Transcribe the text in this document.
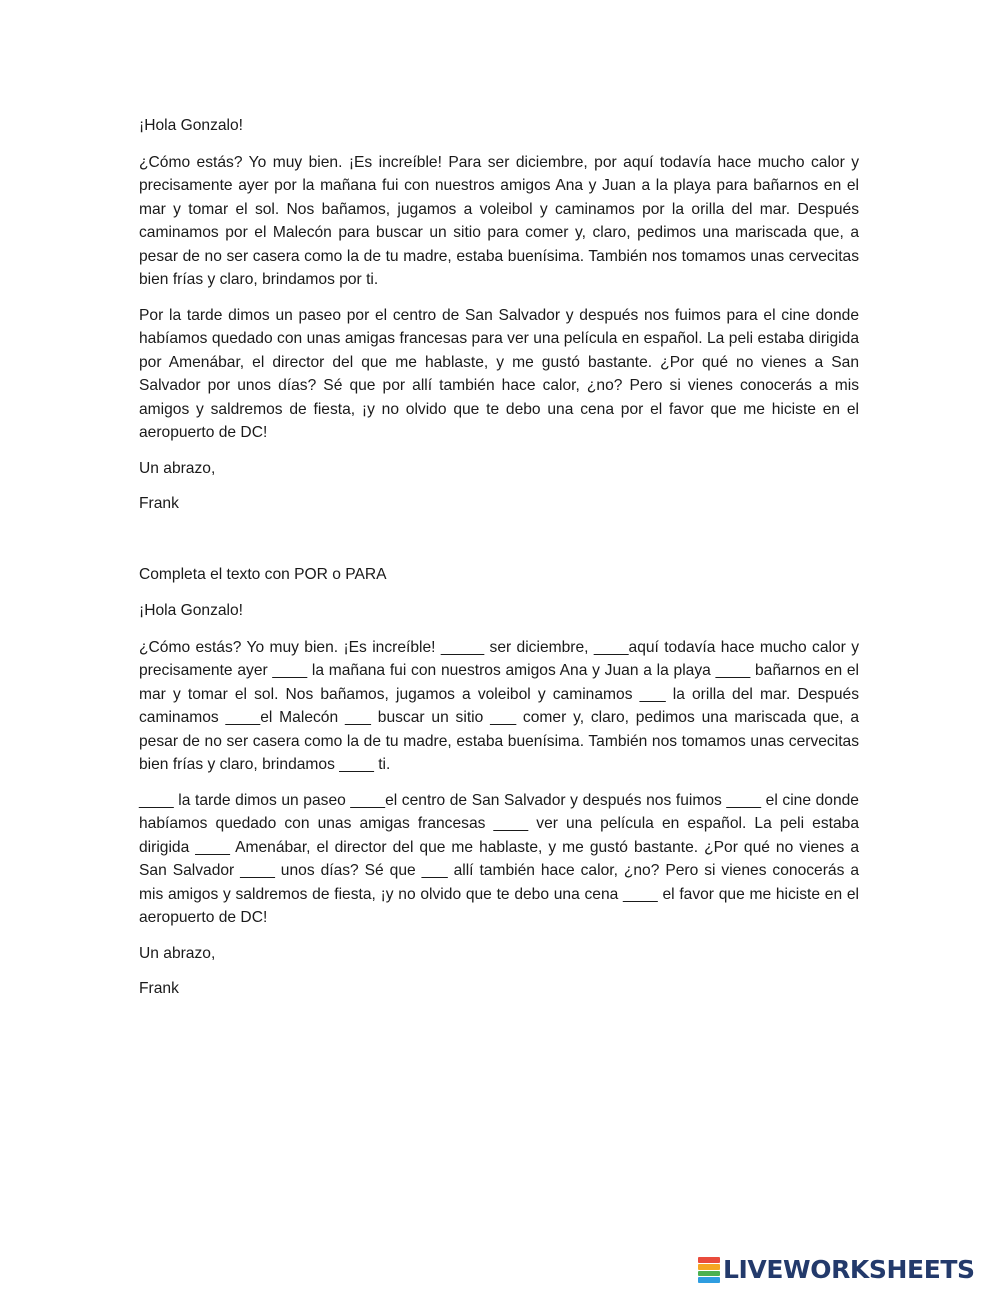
¡Hola Gonzalo!

¿Cómo estás? Yo muy bien. ¡Es increíble! Para ser diciembre, por aquí todavía hace mucho calor y precisamente ayer por la mañana fui con nuestros amigos Ana y Juan a la playa para bañarnos en el mar y tomar el sol. Nos bañamos, jugamos a voleibol y caminamos por la orilla del mar. Después caminamos por el Malecón para buscar un sitio para comer y, claro, pedimos una mariscada que, a pesar de no ser casera como la de tu madre, estaba buenísima. También nos tomamos unas cervecitas bien frías y claro, brindamos por ti.

Por la tarde dimos un paseo por el centro de San Salvador y después nos fuimos para el cine donde habíamos quedado con unas amigas francesas para ver una película en español. La peli estaba dirigida por Amenábar, el director del que me hablaste, y me gustó bastante. ¿Por qué no vienes a San Salvador por unos días? Sé que por allí también hace calor, ¿no? Pero si vienes conocerás a mis amigos y saldremos de fiesta, ¡y no olvido que te debo una cena por el favor que me hiciste en el aeropuerto de DC!

Un abrazo,

Frank

Completa el texto con POR o PARA

¡Hola Gonzalo!

¿Cómo estás? Yo muy bien. ¡Es increíble! _____ ser diciembre, ____aquí todavía hace mucho calor y precisamente ayer ____ la mañana fui con nuestros amigos Ana y Juan a la playa ____ bañarnos en el mar y tomar el sol. Nos bañamos, jugamos a voleibol y caminamos ___ la orilla del mar. Después caminamos ____el Malecón ___ buscar un sitio ___ comer y, claro, pedimos una mariscada que, a pesar de no ser casera como la de tu madre, estaba buenísima. También nos tomamos unas cervecitas bien frías y claro, brindamos ____ ti.

____ la tarde dimos un paseo ____el centro de San Salvador y después nos fuimos ____ el cine donde habíamos quedado con unas amigas francesas ____ ver una película en español. La peli estaba dirigida ____ Amenábar, el director del que me hablaste, y me gustó bastante. ¿Por qué no vienes a San Salvador ____ unos días? Sé que ___ allí también hace calor, ¿no? Pero si vienes conocerás a mis amigos y saldremos de fiesta, ¡y no olvido que te debo una cena ____ el favor que me hiciste en el aeropuerto de DC!

Un abrazo,

Frank

LIVEWORKSHEETS
